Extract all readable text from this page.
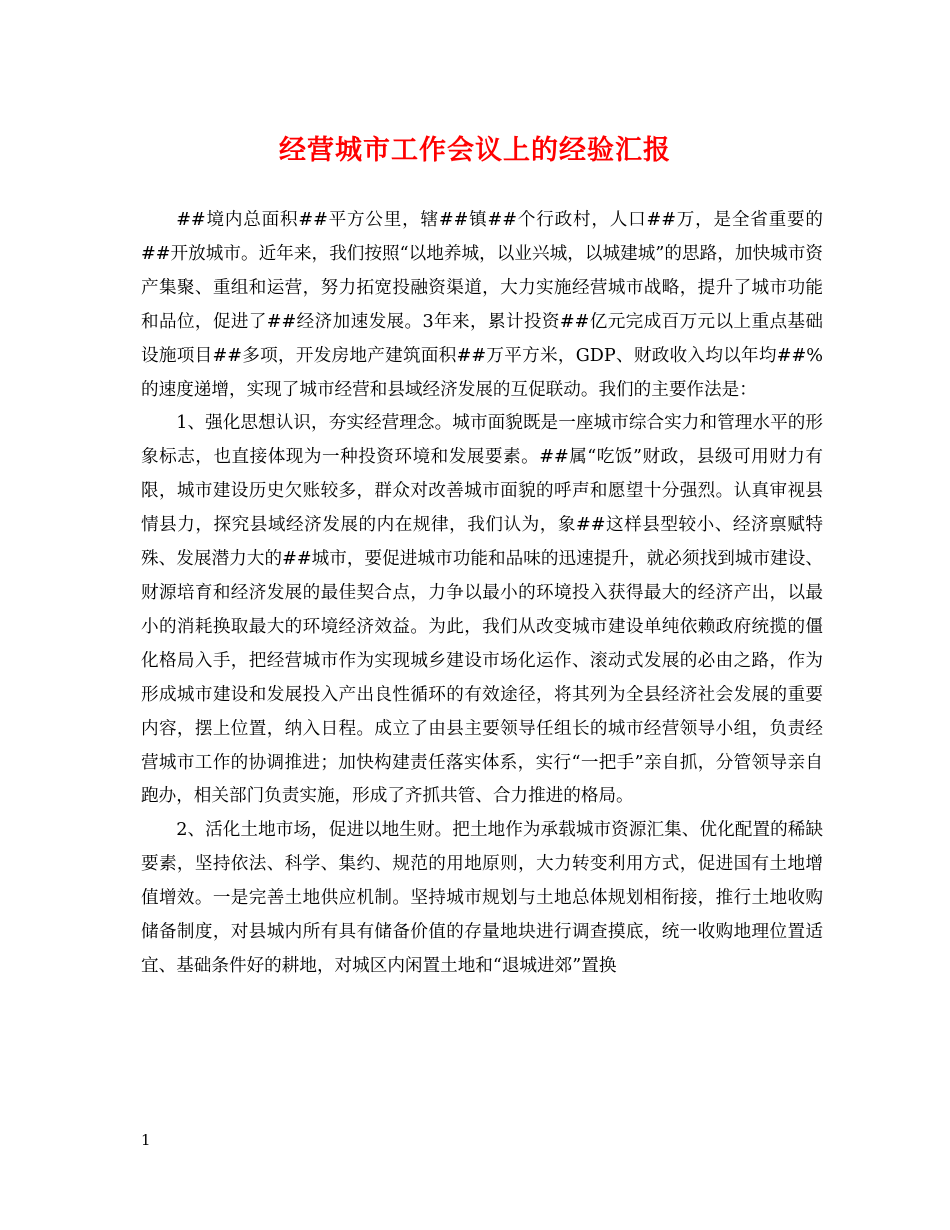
经营城市工作会议上的经验汇报

##境内总面积##平方公里，辖##镇##个行政村，人口##万，是全省重要的##开放城市。近年来，我们按照“以地养城，以业兴城，以城建城”的思路，加快城市资产集聚、重组和运营，努力拓宽投融资渠道，大力实施经营城市战略，提升了城市功能和品位，促进了##经济加速发展。3年来，累计投资##亿元完成百万元以上重点基础设施项目##多项，开发房地产建筑面积##万平方米，GDP、财政收入均以年均##%的速度递增，实现了城市经营和县域经济发展的互促联动。我们的主要作法是：

1、强化思想认识，夯实经营理念。城市面貌既是一座城市综合实力和管理水平的形象标志，也直接体现为一种投资环境和发展要素。##属“吃饭”财政，县级可用财力有限，城市建设历史欠账较多，群众对改善城市面貌的呼声和愿望十分强烈。认真审视县情县力，探究县域经济发展的内在规律，我们认为，象##这样县型较小、经济禀赋特殊、发展潜力大的##城市，要促进城市功能和品味的迅速提升，就必须找到城市建设、财源培育和经济发展的最佳契合点，力争以最小的环境投入获得最大的经济产出，以最小的消耗换取最大的环境经济效益。为此，我们从改变城市建设单纯依赖政府统揽的僵化格局入手，把经营城市作为实现城乡建设市场化运作、滚动式发展的必由之路，作为形成城市建设和发展投入产出良性循环的有效途径，将其列为全县经济社会发展的重要内容，摆上位置，纳入日程。成立了由县主要领导任组长的城市经营领导小组，负责经营城市工作的协调推进；加快构建责任落实体系，实行“一把手”亲自抓，分管领导亲自跑办，相关部门负责实施，形成了齐抓共管、合力推进的格局。

2、活化土地市场，促进以地生财。把土地作为承载城市资源汇集、优化配置的稀缺要素，坚持依法、科学、集约、规范的用地原则，大力转变利用方式，促进国有土地增值增效。一是完善土地供应机制。坚持城市规划与土地总体规划相衔接，推行土地收购储备制度，对县城内所有具有储备价值的存量地块进行调查摸底，统一收购地理位置适宜、基础条件好的耕地，对城区内闲置土地和“退城进郊”置换

1
